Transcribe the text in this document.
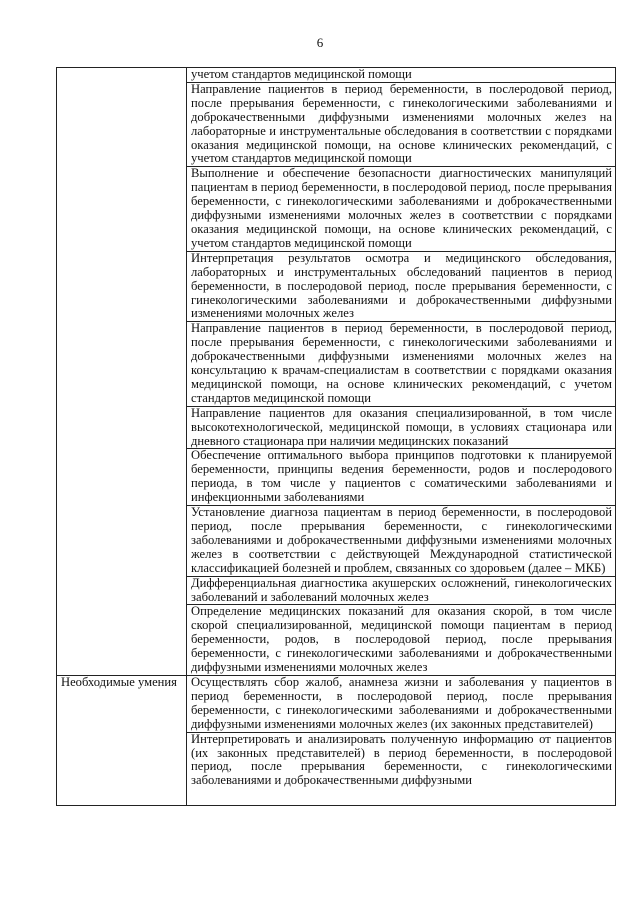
6
	учетом стандартов медицинской помощи
	Направление пациентов в период беременности, в послеродовой период, после прерывания беременности, с гинекологическими заболеваниями и доброкачественными диффузными изменениями молочных желез на лабораторные и инструментальные обследования в соответствии с порядками оказания медицинской помощи, на основе клинических рекомендаций, с учетом стандартов медицинской помощи
	Выполнение и обеспечение безопасности диагностических манипуляций пациентам в период беременности, в послеродовой период, после прерывания беременности, с гинекологическими заболеваниями и доброкачественными диффузными изменениями молочных желез в соответствии с порядками оказания медицинской помощи, на основе клинических рекомендаций, с учетом стандартов медицинской помощи
	Интерпретация результатов осмотра и медицинского обследования, лабораторных и инструментальных обследований пациентов в период беременности, в послеродовой период, после прерывания беременности, с гинекологическими заболеваниями и доброкачественными диффузными изменениями молочных желез
	Направление пациентов в период беременности, в послеродовой период, после прерывания беременности, с гинекологическими заболеваниями и доброкачественными диффузными изменениями молочных желез на консультацию к врачам-специалистам в соответствии с порядками оказания медицинской помощи, на основе клинических рекомендаций, с учетом стандартов медицинской помощи
	Направление пациентов для оказания специализированной, в том числе высокотехнологической, медицинской помощи, в условиях стационара или дневного стационара при наличии медицинских показаний
	Обеспечение оптимального выбора принципов подготовки к планируемой беременности, принципы ведения беременности, родов и послеродового периода, в том числе у пациентов с соматическими заболеваниями и инфекционными заболеваниями
	Установление диагноза пациентам в период беременности, в послеродовой период, после прерывания беременности, с гинекологическими заболеваниями и доброкачественными диффузными изменениями молочных желез в соответствии с действующей Международной статистической классификацией болезней и проблем, связанных со здоровьем (далее – МКБ)
	Дифференциальная диагностика акушерских осложнений, гинекологических заболеваний и заболеваний молочных желез
	Определение медицинских показаний для оказания скорой, в том числе скорой специализированной, медицинской помощи пациентам в период беременности, родов, в послеродовой период, после прерывания беременности, с гинекологическими заболеваниями и доброкачественными диффузными изменениями молочных желез
Необходимые умения	Осуществлять сбор жалоб, анамнеза жизни и заболевания у пациентов в период беременности, в послеродовой период, после прерывания беременности, с гинекологическими заболеваниями и доброкачественными диффузными изменениями молочных желез (их законных представителей)

	Интерпретировать и анализировать полученную информацию от пациентов (их законных представителей) в период беременности, в послеродовой период, после прерывания беременности, с гинекологическими заболеваниями и доброкачественными диффузными
